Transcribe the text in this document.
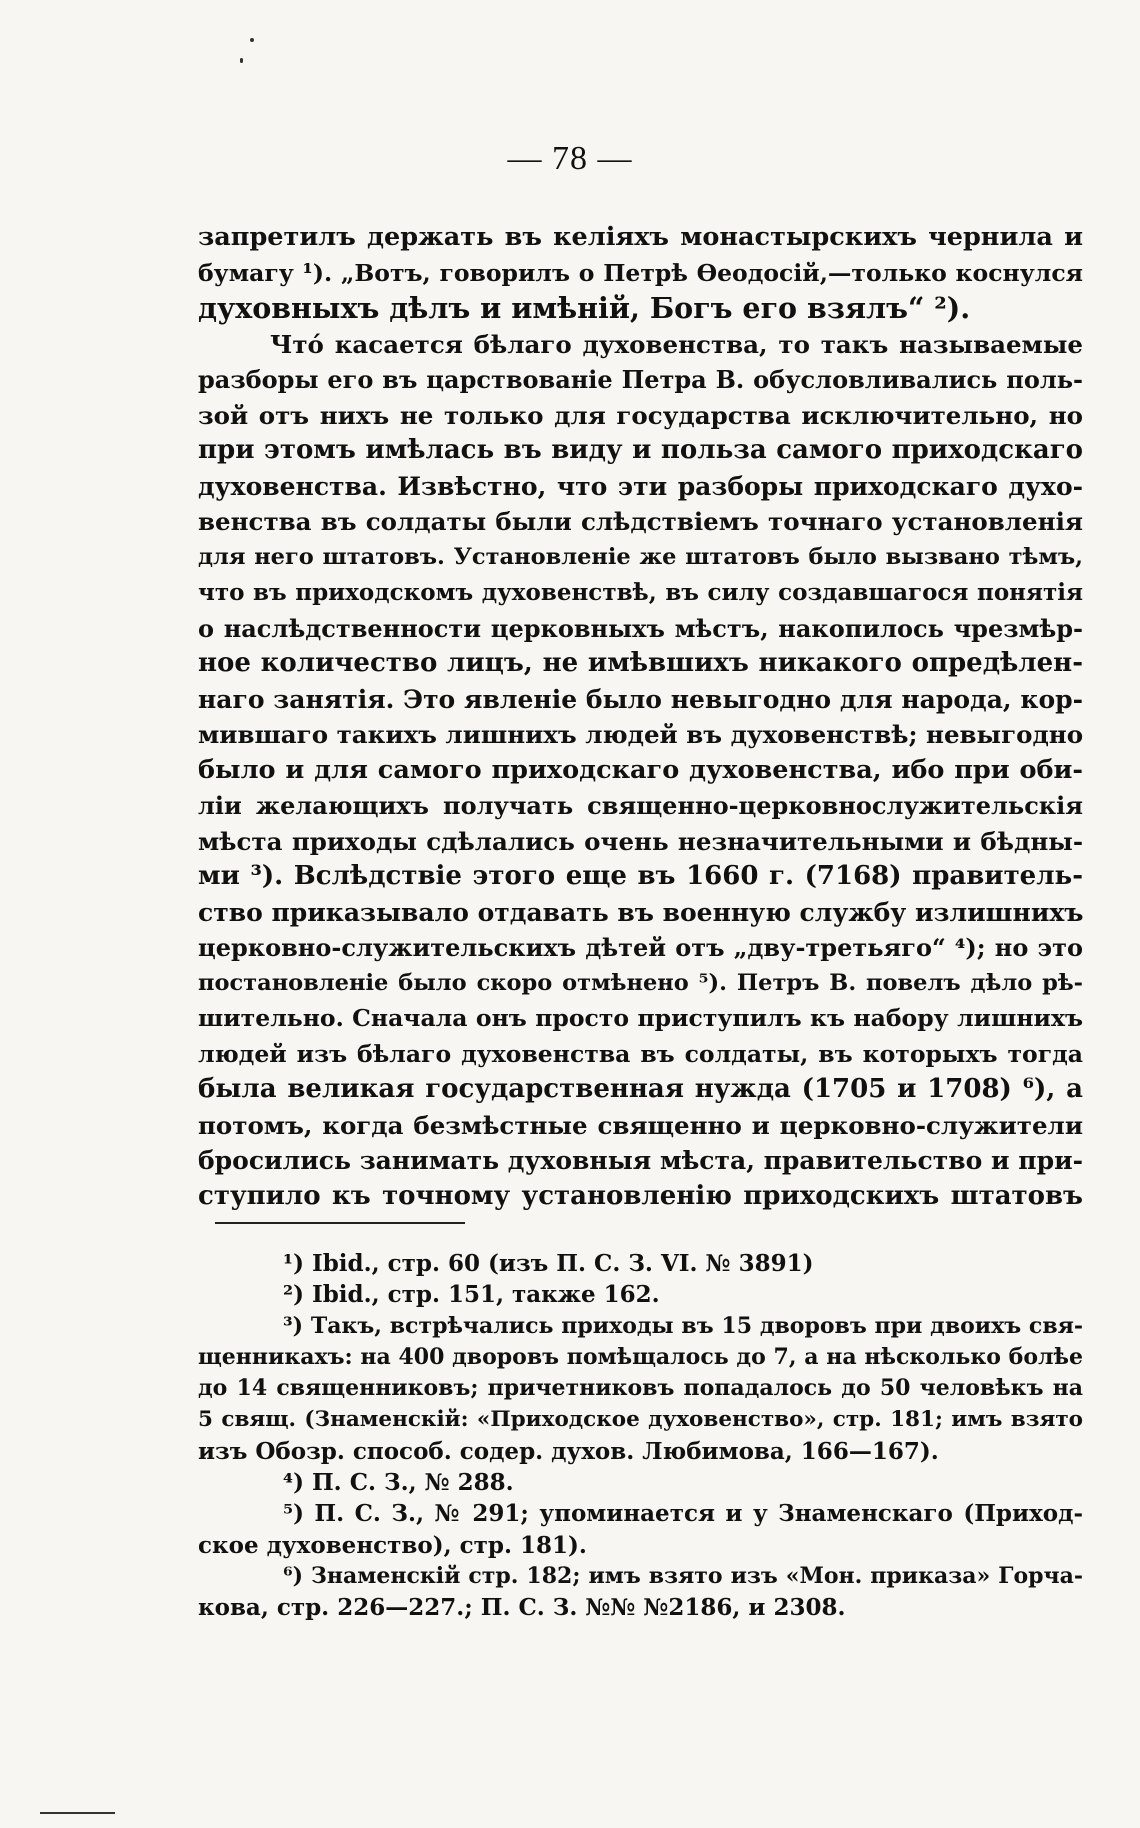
— 78 —
запретилъ держать въ келіяхъ монастырскихъ чернила и
бумагу ¹). „Вотъ, говорилъ о Петрѣ Ѳеодосій,—только коснулся
духовныхъ дѣлъ и имѣній, Богъ его взялъ“ ²).
Чтó касается бѣлаго духовенства, то такъ называемые
разборы его въ царствованіе Петра В. обусловливались поль-
зой отъ нихъ не только для государства исключительно, но
при этомъ имѣлась въ виду и польза самого приходскаго
духовенства. Извѣстно, что эти разборы приходскаго духо-
венства въ солдаты были слѣдствіемъ точнаго установленія
для него штатовъ. Установленіе же штатовъ было вызвано тѣмъ,
что въ приходскомъ духовенствѣ, въ силу создавшагося понятія
о наслѣдственности церковныхъ мѣстъ, накопилось чрезмѣр-
ное количество лицъ, не имѣвшихъ никакого опредѣлен-
наго занятія. Это явленіе было невыгодно для народа, кор-
мившаго такихъ лишнихъ людей въ духовенствѣ; невыгодно
было и для самого приходскаго духовенства, ибо при оби-
ліи желающихъ получать священно-церковнослужительскія
мѣста приходы сдѣлались очень незначительными и бѣдны-
ми ³). Вслѣдствіе этого еще въ 1660 г. (7168) правитель-
ство приказывало отдавать въ военную службу излишнихъ
церковно-служительскихъ дѣтей отъ „дву-третьяго“ ⁴); но это
постановленіе было скоро отмѣнено ⁵). Петръ В. повелъ дѣло рѣ-
шительно. Сначала онъ просто приступилъ къ набору лишнихъ
людей изъ бѣлаго духовенства въ солдаты, въ которыхъ тогда
была великая государственная нужда (1705 и 1708) ⁶), а
потомъ, когда безмѣстные священно и церковно-служители
бросились занимать духовныя мѣста, правительство и при-
ступило къ точному установленію приходскихъ штатовъ
¹) Ibid., стр. 60 (изъ П. С. З. VI. № 3891)
²) Ibid., стр. 151, также 162.
³) Такъ, встрѣчались приходы въ 15 дворовъ при двоихъ свя-
щенникахъ: на 400 дворовъ помѣщалось до 7, а на нѣсколько болѣе
до 14 священниковъ; причетниковъ попадалось до 50 человѣкъ на
5 свящ. (Знаменскій: «Приходское духовенство», стр. 181; имъ взято
изъ Обозр. способ. содер. духов. Любимова, 166—167).
⁴) П. С. З., № 288.
⁵) П. С. З., № 291; упоминается и у Знаменскаго (Приход-
ское духовенство), стр. 181).
⁶) Знаменскій стр. 182; имъ взято изъ «Мон. приказа» Горча-
кова, стр. 226—227.; П. С. З. №№ №2186, и 2308.
